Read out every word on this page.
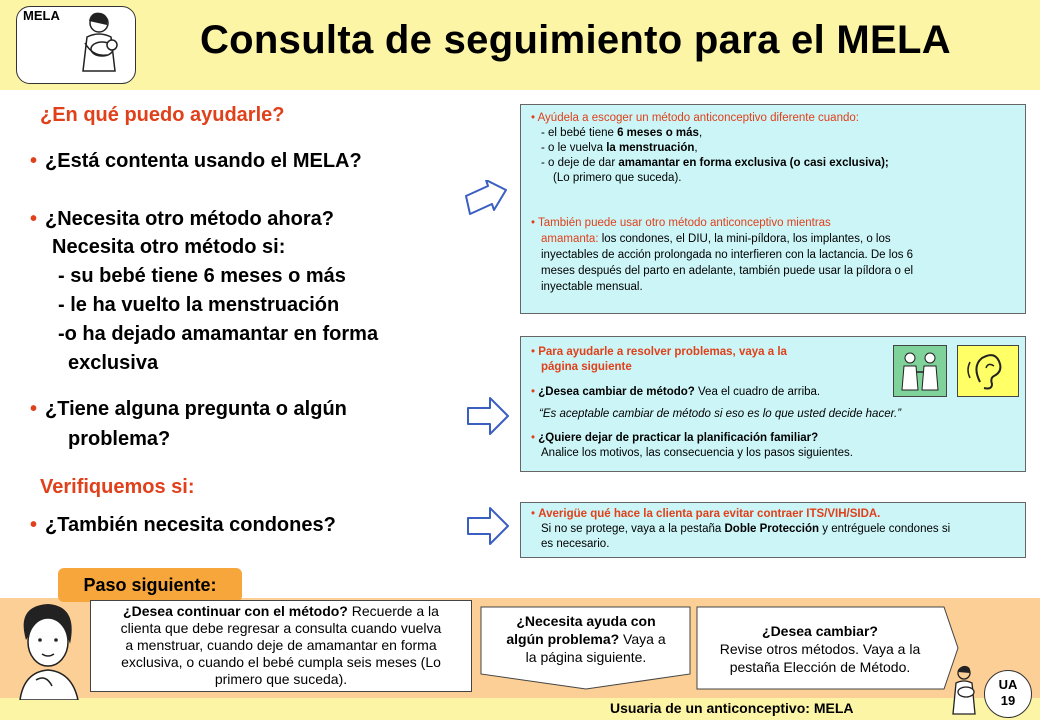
MELA
Consulta de seguimiento para el MELA
¿En qué puedo ayudarle?
• ¿Está contenta usando el MELA?
• ¿Necesita otro método ahora?
Necesita otro método si:
- su bebé tiene 6 meses o más
- le ha vuelto la menstruación
-o ha dejado amamantar en forma
exclusiva
• ¿Tiene alguna pregunta o algún
problema?
Verifiquemos si:
• ¿También necesita condones?
• Ayúdela a escoger un método anticonceptivo diferente cuando:
- el bebé tiene 6 meses o más,
- o le vuelva la menstruación,
- o deje de dar amamantar en forma exclusiva (o casi exclusiva);
(Lo primero que suceda).
• También puede usar otro método anticonceptivo mientras
amamanta: los condones, el DIU, la mini-píldora, los implantes, o los
inyectables de acción prolongada no interfieren con la lactancia. De los 6
meses después del parto en adelante, también puede usar la píldora o el
inyectable mensual.
• Para ayudarle a resolver problemas, vaya a la
página siguiente
• ¿Desea cambiar de método? Vea el cuadro de arriba.
“Es aceptable cambiar de método si eso es lo que usted decide hacer.”
• ¿Quiere dejar de practicar la planificación familiar?
Analice los motivos, las consecuencia y los pasos siguientes.
• Averigüe qué hace la clienta para evitar contraer ITS/VIH/SIDA.
Si no se protege, vaya a la pestaña Doble Protección y entréguele condones si
es necesario.
Paso siguiente:
¿Desea continuar con el método? Recuerde a la
clienta que debe regresar a consulta cuando vuelva
a menstruar, cuando deje de amamantar en forma
exclusiva, o cuando el bebé cumpla seis meses (Lo
primero que suceda).
¿Necesita ayuda con
algún problema? Vaya a
la página siguiente.
¿Desea cambiar?
Revise otros métodos. Vaya a la
pestaña Elección de Método.
Usuaria de un anticonceptivo: MELA
UA
19
